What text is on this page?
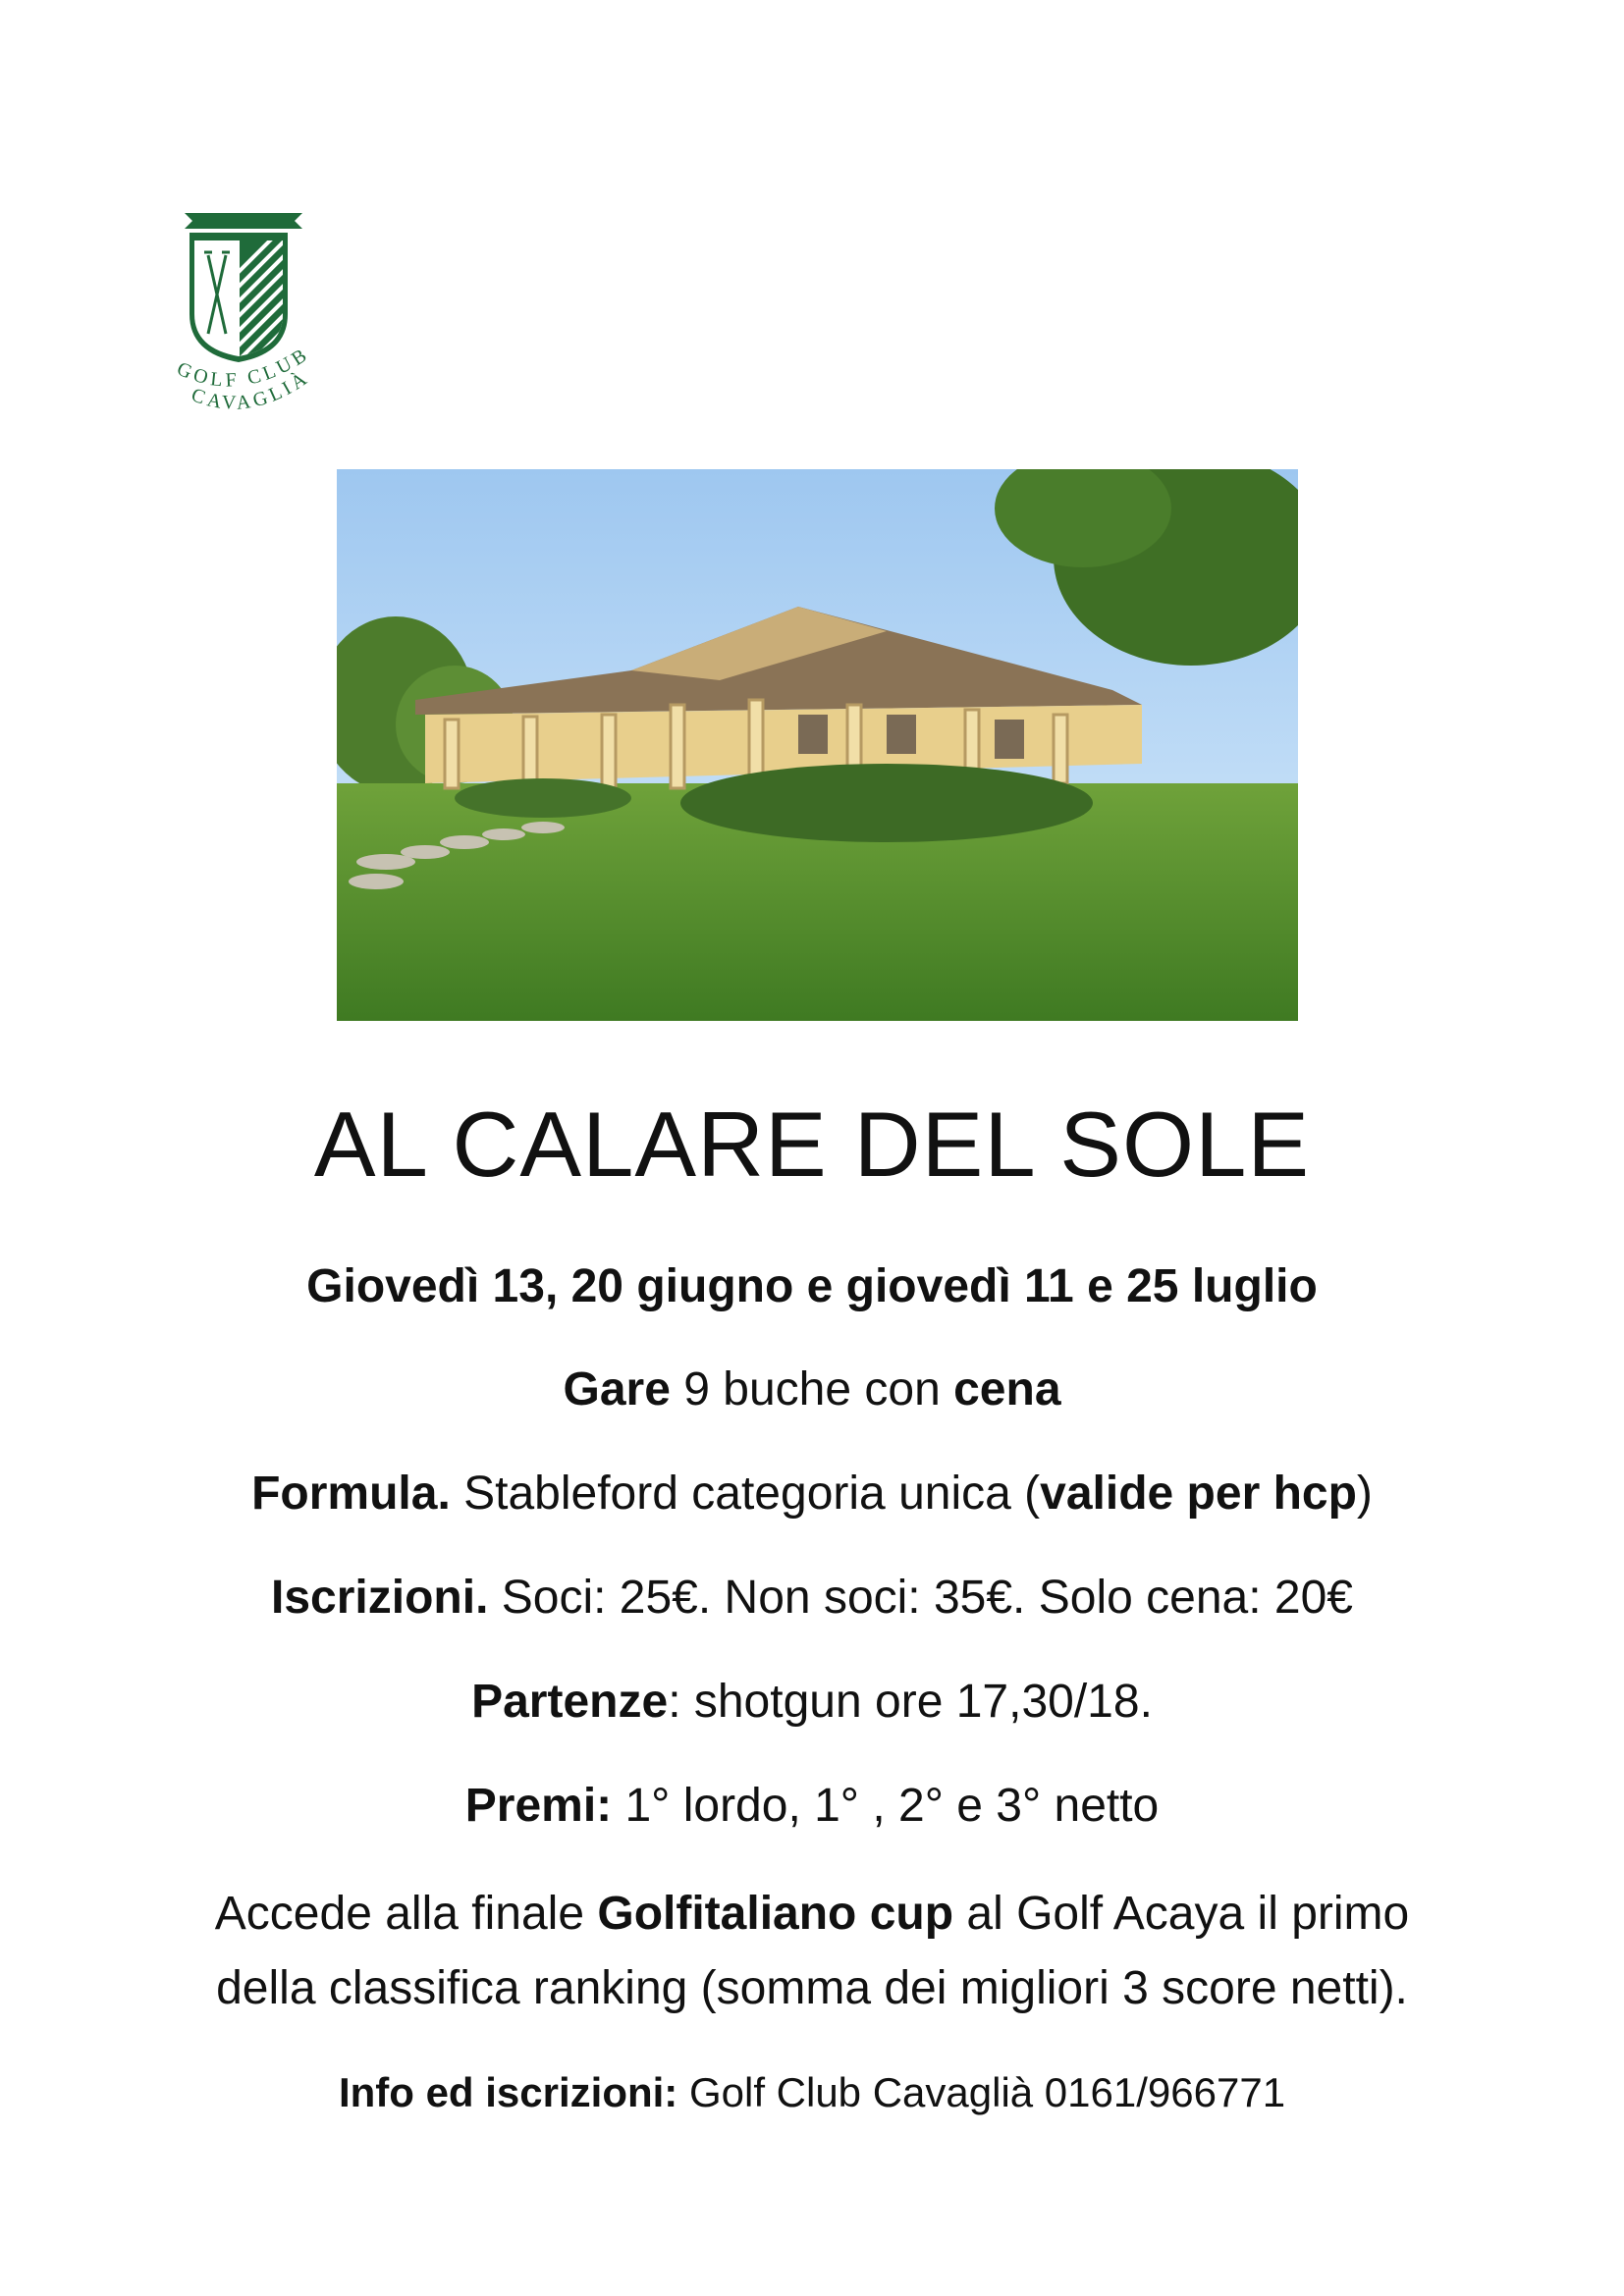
GOLF CLUB
CAVAGLIÀ
AL CALARE DEL SOLE

Giovedì 13, 20 giugno e giovedì 11 e 25 luglio

Gare 9 buche con cena

Formula. Stableford categoria unica (valide per hcp)

Iscrizioni. Soci: 25€. Non soci: 35€. Solo cena: 20€

Partenze: shotgun ore 17,30/18.

Premi: 1° lordo, 1° , 2° e 3° netto

Accede alla finale Golfitaliano cup al Golf Acaya il primo

della classifica ranking (somma dei migliori 3 score netti).

Info ed iscrizioni: Golf Club Cavaglià 0161/966771
